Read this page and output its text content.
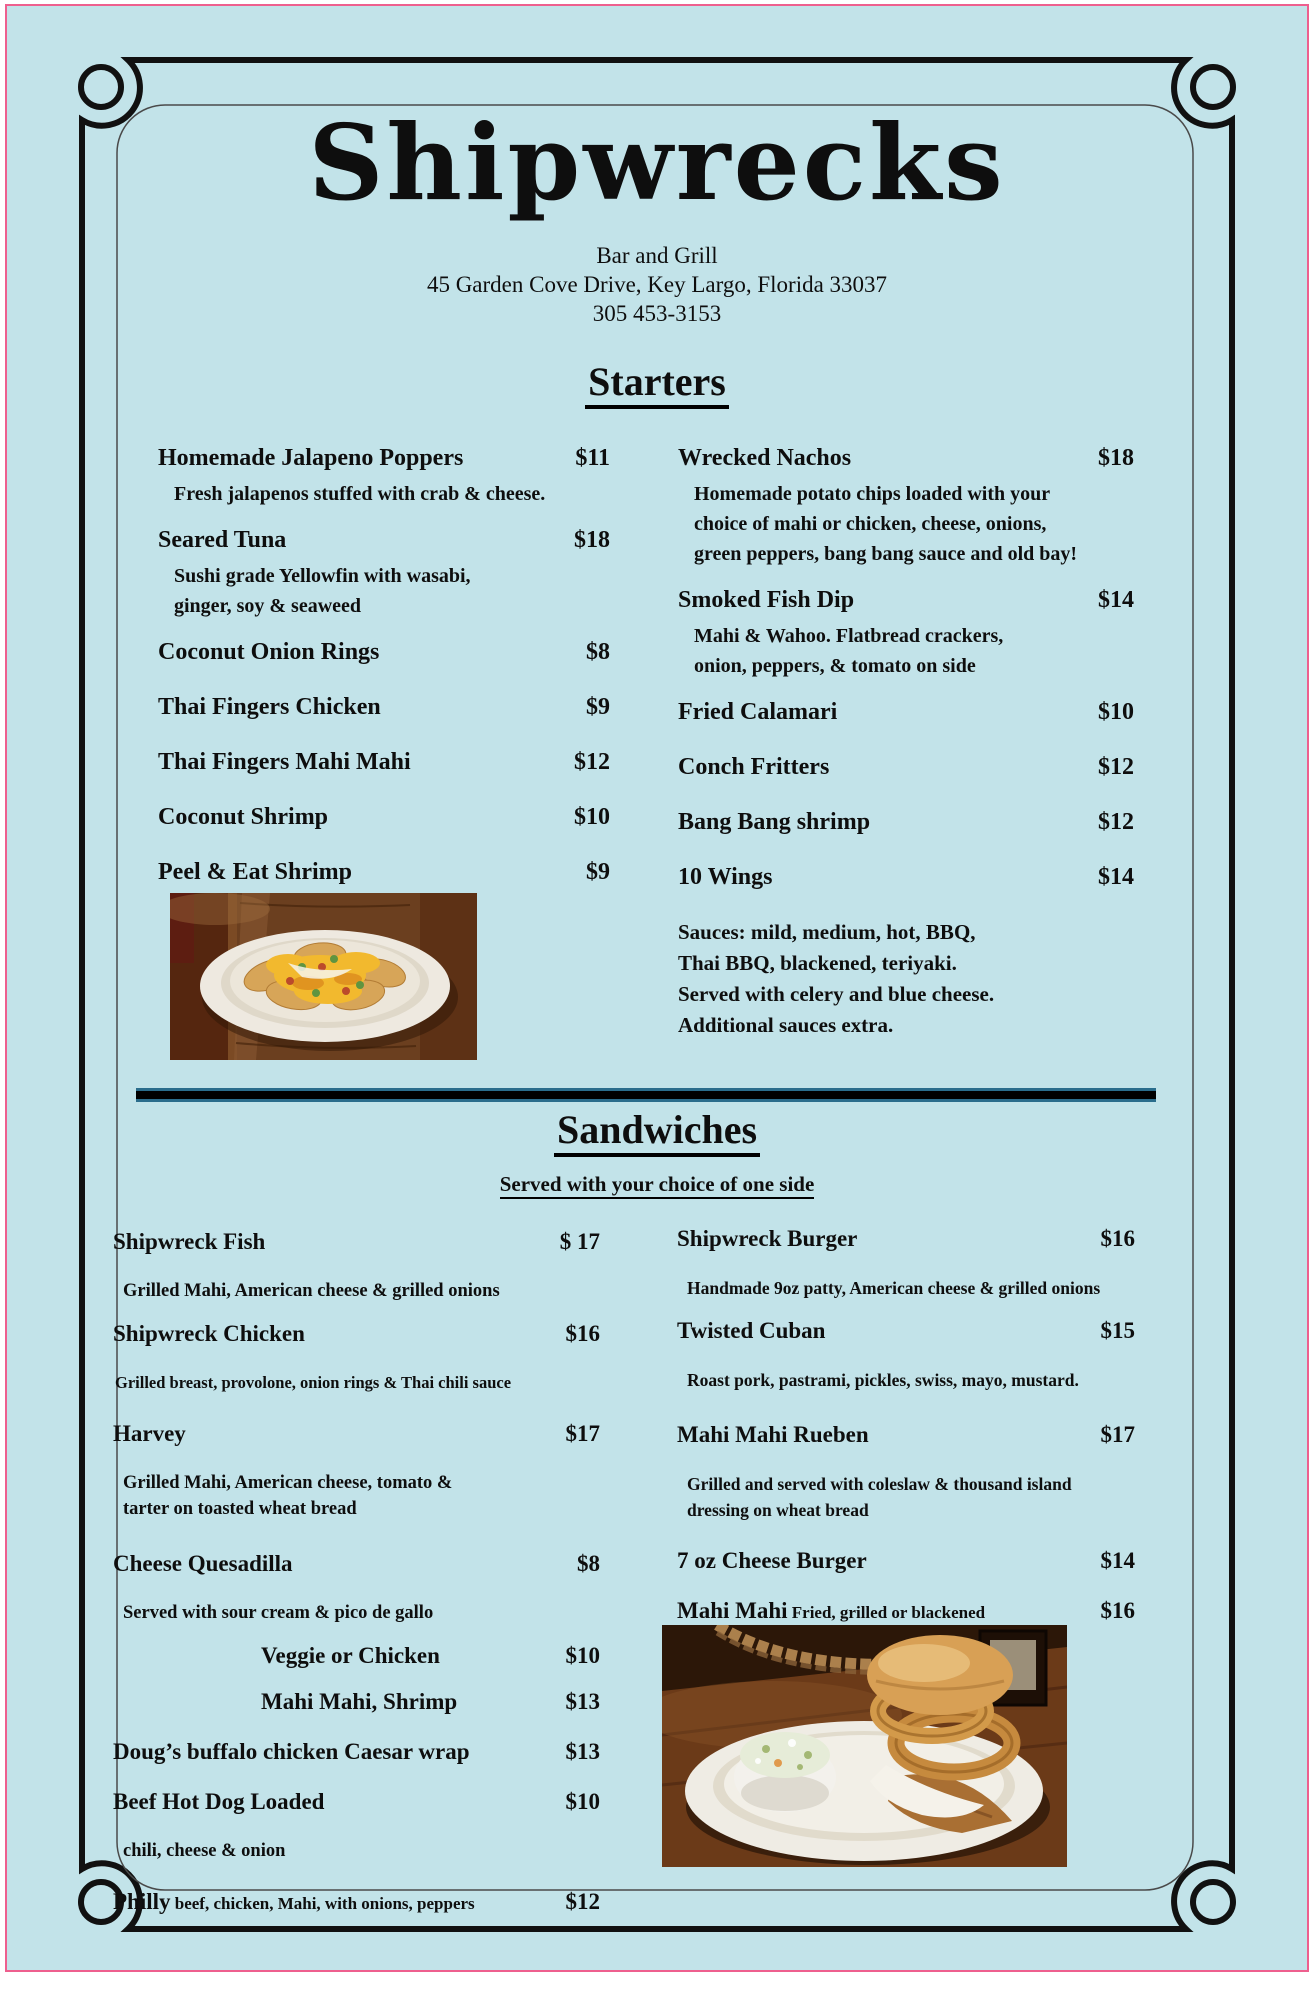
Shipwrecks
Bar and Grill
45 Garden Cove Drive, Key Largo, Florida 33037
305 453-3153
Starters
Homemade Jalapeno Poppers	$11
Fresh jalapenos stuffed with crab & cheese.
Seared Tuna	$18
Sushi grade Yellowfin with wasabi,
ginger, soy & seaweed
Coconut Onion Rings	$8
Thai Fingers Chicken	$9
Thai Fingers Mahi Mahi	$12
Coconut Shrimp	$10
Peel & Eat Shrimp	$9
Wrecked Nachos	$18
Homemade potato chips loaded with your
choice of mahi or chicken, cheese, onions,
green peppers, bang bang sauce and old bay!
Smoked Fish Dip	$14
Mahi & Wahoo. Flatbread crackers,
onion, peppers, & tomato on side
Fried Calamari	$10
Conch Fritters	$12
Bang Bang shrimp	$12
10 Wings	$14
Sauces: mild, medium, hot, BBQ,
Thai BBQ, blackened, teriyaki.
Served with celery and blue cheese.
Additional sauces extra.
Sandwiches
Served with your choice of one side
Shipwreck Fish	$ 17
Grilled Mahi, American cheese & grilled onions
Shipwreck Chicken	$16
Grilled breast, provolone, onion rings & Thai chili sauce
Harvey	$17
Grilled Mahi, American cheese, tomato &
tarter on toasted wheat bread
Cheese Quesadilla	$8
Served with sour cream & pico de gallo
Veggie or Chicken	$10
Mahi Mahi, Shrimp	$13
Doug’s buffalo chicken Caesar wrap	$13
Beef Hot Dog Loaded	$10
chili, cheese & onion
Philly beef, chicken, Mahi, with onions, peppers	$12
Shipwreck Burger	$16
Handmade 9oz patty, American cheese & grilled onions
Twisted Cuban	$15
Roast pork, pastrami, pickles, swiss, mayo, mustard.
Mahi Mahi Rueben	$17
Grilled and served with coleslaw & thousand island
dressing on wheat bread
7 oz Cheese Burger	$14
Mahi Mahi Fried, grilled or blackened	$16
